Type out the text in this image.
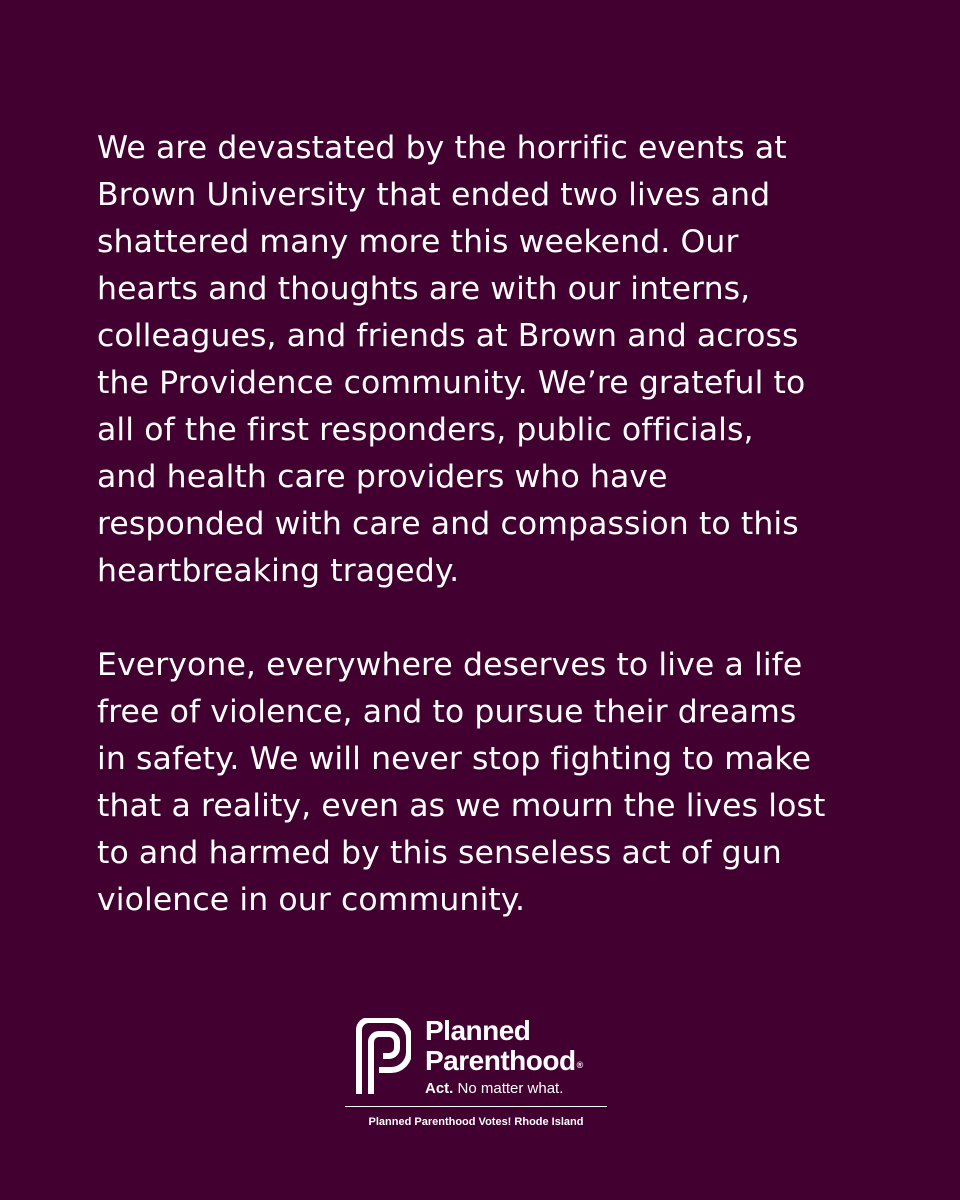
We are devastated by the horrific events at
Brown University that ended two lives and
shattered many more this weekend. Our
hearts and thoughts are with our interns,
colleagues, and friends at Brown and across
the Providence community. We’re grateful to
all of the first responders, public officials,
and health care providers who have
responded with care and compassion to this
heartbreaking tragedy.

Everyone, everywhere deserves to live a life
free of violence, and to pursue their dreams
in safety. We will never stop fighting to make
that a reality, even as we mourn the lives lost
to and harmed by this senseless act of gun
violence in our community.

Planned
Parenthood®
Act. No matter what.
Planned Parenthood Votes! Rhode Island
